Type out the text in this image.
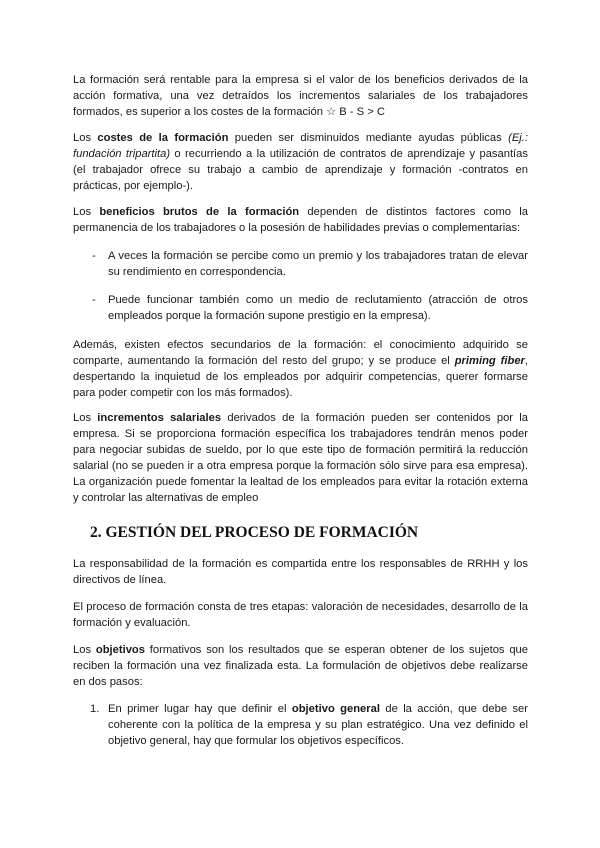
La formación será rentable para la empresa si el valor de los beneficios derivados de la acción formativa, una vez detraídos los incrementos salariales de los trabajadores formados, es superior a los costes de la formación ☆ B - S > C

Los costes de la formación pueden ser disminuidos mediante ayudas públicas (Ej.: fundación tripartita) o recurriendo a la utilización de contratos de aprendizaje y pasantías (el trabajador ofrece su trabajo a cambio de aprendizaje y formación -contratos en prácticas, por ejemplo-).

Los beneficios brutos de la formación dependen de distintos factores como la permanencia de los trabajadores o la posesión de habilidades previas o complementarias:

- A veces la formación se percibe como un premio y los trabajadores tratan de elevar su rendimiento en correspondencia.

- Puede funcionar también como un medio de reclutamiento (atracción de otros empleados porque la formación supone prestigio en la empresa).

Además, existen efectos secundarios de la formación: el conocimiento adquirido se comparte, aumentando la formación del resto del grupo; y se produce el priming fiber, despertando la inquietud de los empleados por adquirir competencias, querer formarse para poder competir con los más formados).

Los incrementos salariales derivados de la formación pueden ser contenidos por la empresa. Si se proporciona formación específica los trabajadores tendrán menos poder para negociar subidas de sueldo, por lo que este tipo de formación permitirá la reducción salarial (no se pueden ir a otra empresa porque la formación sólo sirve para esa empresa). La organización puede fomentar la lealtad de los empleados para evitar la rotación externa y controlar las alternativas de empleo

2. GESTIÓN DEL PROCESO DE FORMACIÓN

La responsabilidad de la formación es compartida entre los responsables de RRHH y los directivos de línea.

El proceso de formación consta de tres etapas: valoración de necesidades, desarrollo de la formación y evaluación.

Los objetivos formativos son los resultados que se esperan obtener de los sujetos que reciben la formación una vez finalizada esta. La formulación de objetivos debe realizarse en dos pasos:

1. En primer lugar hay que definir el objetivo general de la acción, que debe ser coherente con la política de la empresa y su plan estratégico. Una vez definido el objetivo general, hay que formular los objetivos específicos.
